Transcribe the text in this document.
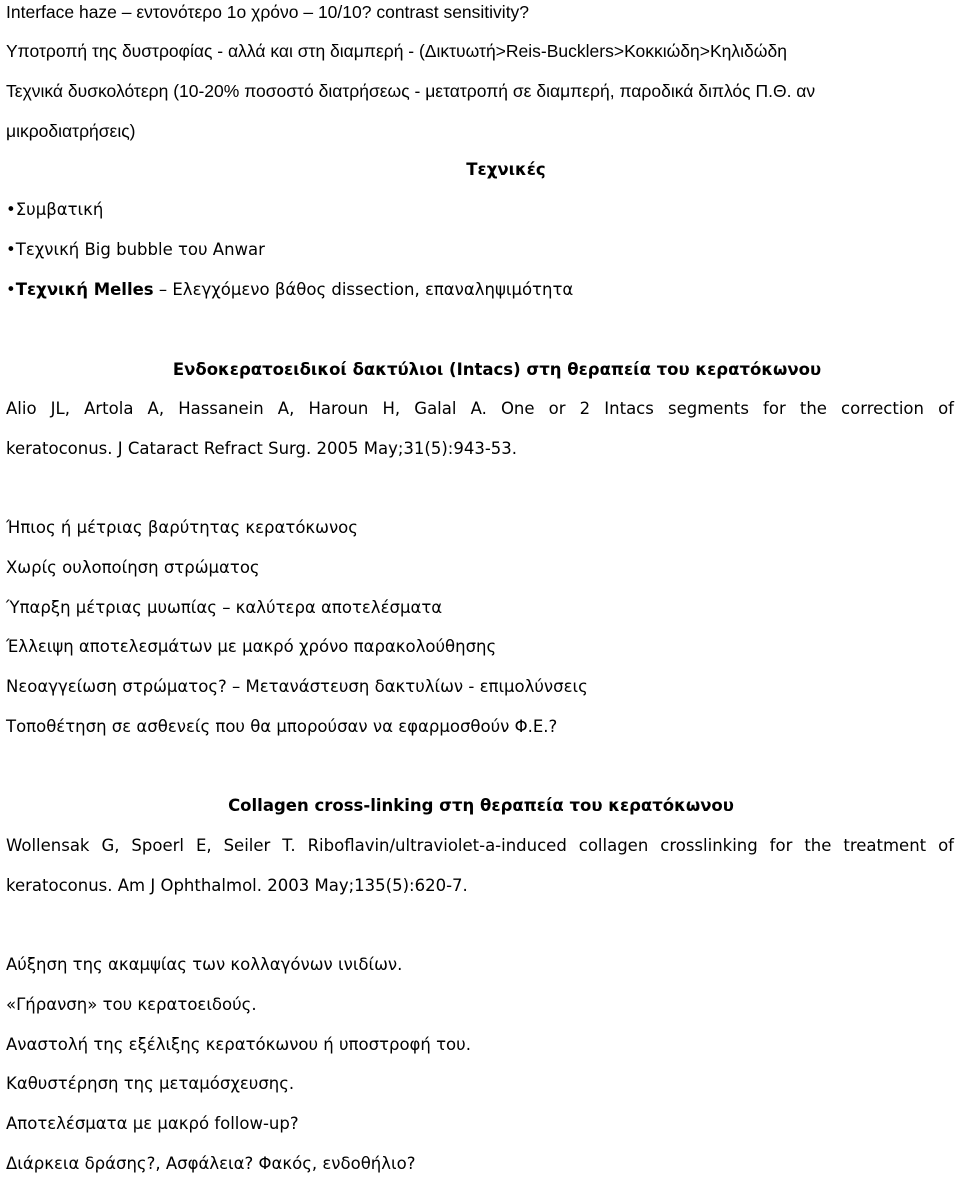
Interface haze – εντονότερο 1ο χρόνο – 10/10? contrast sensitivity?
Υποτροπή της δυστροφίας - αλλά και στη διαμπερή - (Δικτυωτή>Reis-Bucklers>Κοκκιώδη>Κηλιδώδη
Τεχνικά δυσκολότερη (10-20% ποσοστό διατρήσεως - μετατροπή σε διαμπερή, παροδικά διπλός Π.Θ. αν
μικροδιατρήσεις)
Τεχνικές
•Συμβατική
•Τεχνική Big bubble του Anwar
•Τεχνική Melles – Ελεγχόμενο βάθος dissection, επαναληψιμότητα
Ενδοκερατοειδικοί δακτύλιοι (Intacs) στη θεραπεία του κερατόκωνου
Alio JL, Artola A, Hassanein A, Haroun H, Galal A. One or 2 Intacs segments for the correction of
keratoconus. J Cataract Refract Surg. 2005 May;31(5):943-53.
Ήπιος ή μέτριας βαρύτητας κερατόκωνος
Χωρίς ουλοποίηση στρώματος
Ύπαρξη μέτριας μυωπίας – καλύτερα αποτελέσματα
Έλλειψη αποτελεσμάτων με μακρό χρόνο παρακολούθησης
Νεοαγγείωση στρώματος? – Μετανάστευση δακτυλίων - επιμολύνσεις
Τοποθέτηση σε ασθενείς που θα μπορούσαν να εφαρμοσθούν Φ.Ε.?
Collagen cross-linking στη θεραπεία του κερατόκωνου
Wollensak G, Spoerl E, Seiler T. Riboflavin/ultraviolet-a-induced collagen crosslinking for the treatment of
keratoconus. Am J Ophthalmol. 2003 May;135(5):620-7.
Αύξηση της ακαμψίας των κολλαγόνων ινιδίων.
«Γήρανση» του κερατοειδούς.
Αναστολή της εξέλιξης κερατόκωνου ή υποστροφή του.
Καθυστέρηση της μεταμόσχευσης.
Αποτελέσματα με μακρό follow-up?
Διάρκεια δράσης?, Ασφάλεια? Φακός, ενδοθήλιο?
